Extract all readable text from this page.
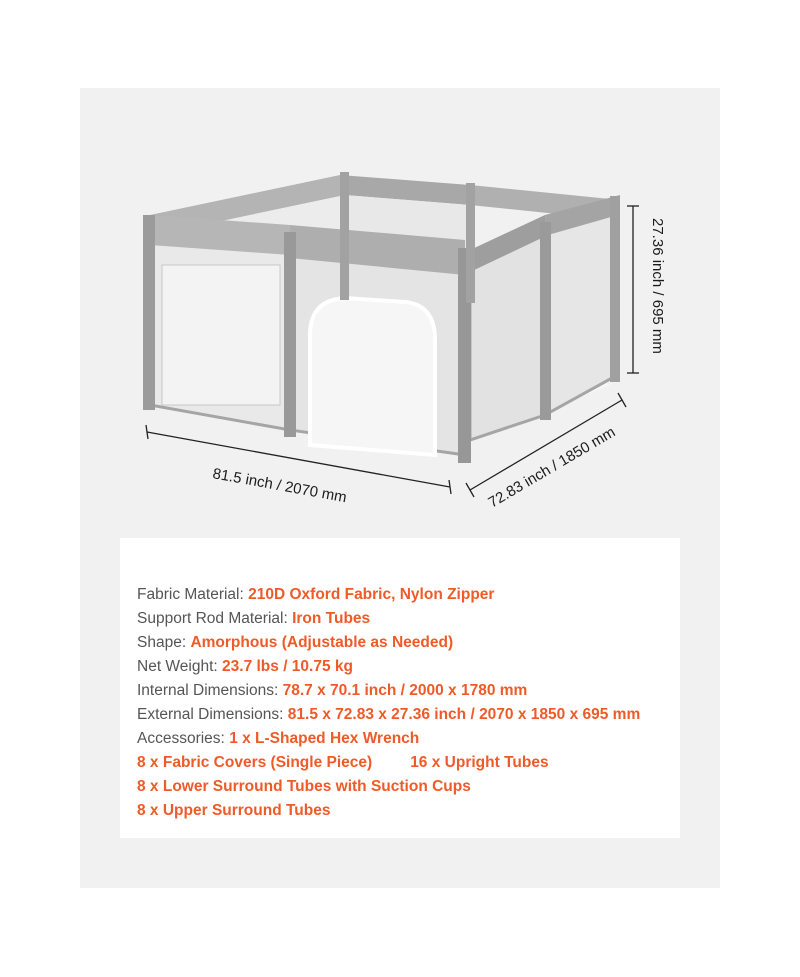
27.36 inch / 695 mm
81.5 inch / 2070 mm	72.83 inch / 1850 mm
Fabric Material: 210D Oxford Fabric, Nylon Zipper
Support Rod Material: Iron Tubes
Shape: Amorphous (Adjustable as Needed)
Net Weight: 23.7 lbs / 10.75 kg
Internal Dimensions: 78.7 x 70.1 inch / 2000 x 1780 mm
External Dimensions: 81.5 x 72.83 x 27.36 inch / 2070 x 1850 x 695 mm
Accessories: 1 x L-Shaped Hex Wrench
8 x Fabric Covers (Single Piece) 16 x Upright Tubes
8 x Lower Surround Tubes with Suction Cups
8 x Upper Surround Tubes
